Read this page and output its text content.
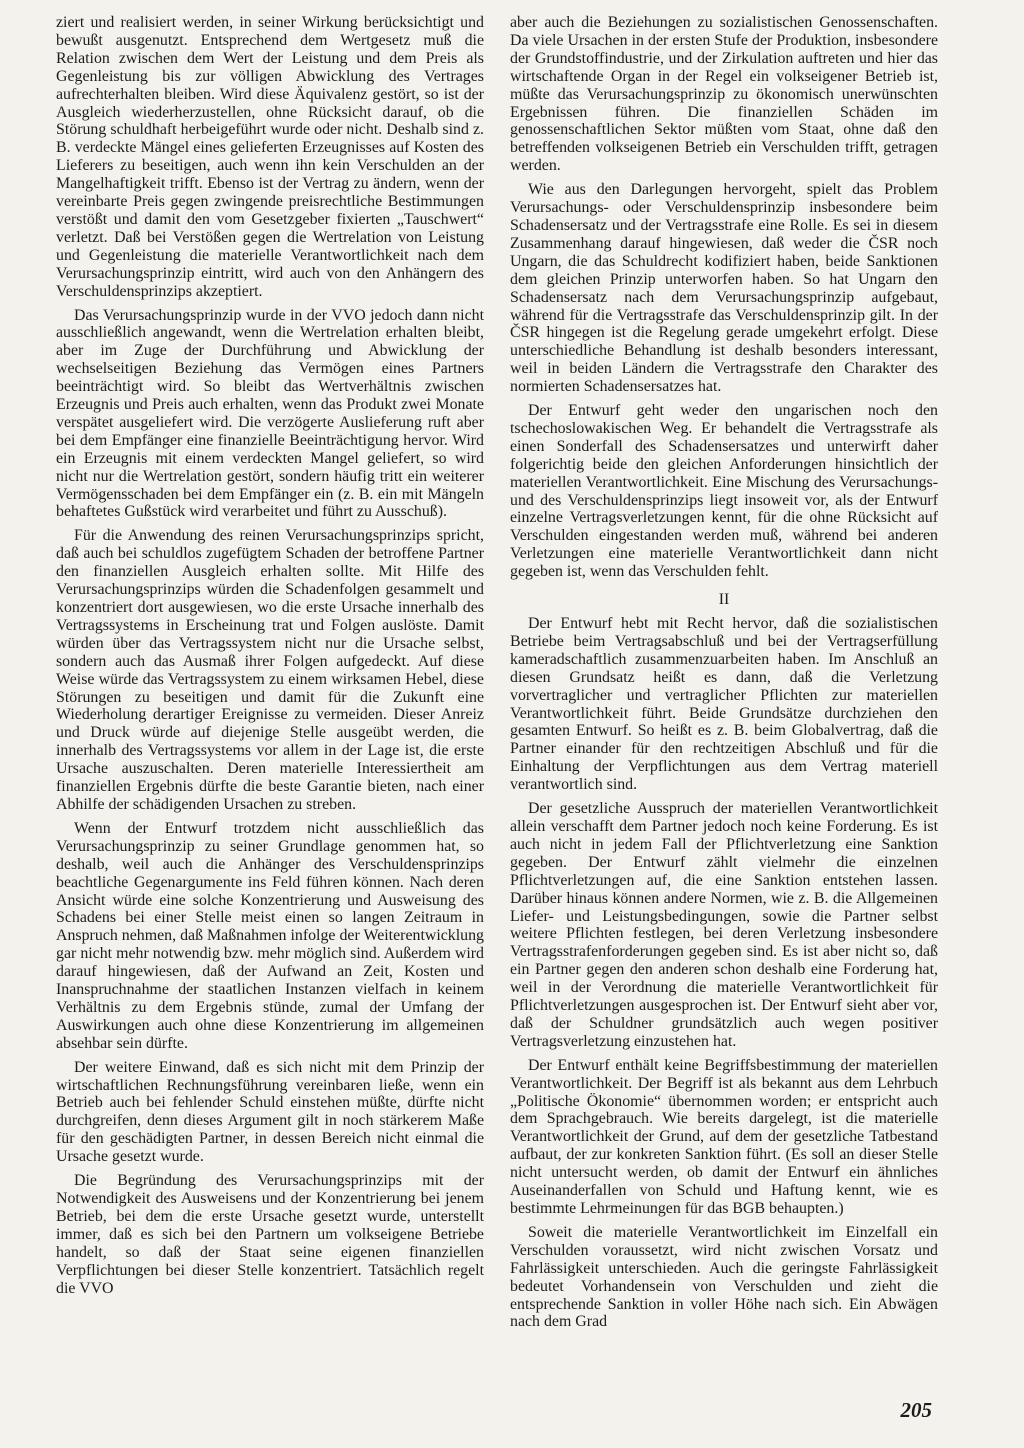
ziert und realisiert werden, in seiner Wirkung berücksichtigt und bewußt ausgenutzt. Entsprechend dem Wertgesetz muß die Relation zwischen dem Wert der Leistung und dem Preis als Gegenleistung bis zur völligen Abwicklung des Vertrages aufrechterhalten bleiben. Wird diese Äquivalenz gestört, so ist der Ausgleich wiederherzustellen, ohne Rücksicht darauf, ob die Störung schuldhaft herbeigeführt wurde oder nicht. Deshalb sind z. B. verdeckte Mängel eines gelieferten Erzeugnisses auf Kosten des Lieferers zu beseitigen, auch wenn ihn kein Verschulden an der Mangelhaftigkeit trifft. Ebenso ist der Vertrag zu ändern, wenn der vereinbarte Preis gegen zwingende preisrechtliche Bestimmungen verstößt und damit den vom Gesetzgeber fixierten „Tauschwert“ verletzt. Daß bei Verstößen gegen die Wertrelation von Leistung und Gegenleistung die materielle Verantwortlichkeit nach dem Verursachungsprinzip eintritt, wird auch von den Anhängern des Verschuldensprinzips akzeptiert.

Das Verursachungsprinzip wurde in der VVO jedoch dann nicht ausschließlich angewandt, wenn die Wertrelation erhalten bleibt, aber im Zuge der Durchführung und Abwicklung der wechselseitigen Beziehung das Vermögen eines Partners beeinträchtigt wird. So bleibt das Wertverhältnis zwischen Erzeugnis und Preis auch erhalten, wenn das Produkt zwei Monate verspätet ausgeliefert wird. Die verzögerte Auslieferung ruft aber bei dem Empfänger eine finanzielle Beeinträchtigung hervor. Wird ein Erzeugnis mit einem verdeckten Mangel geliefert, so wird nicht nur die Wertrelation gestört, sondern häufig tritt ein weiterer Vermögensschaden bei dem Empfänger ein (z. B. ein mit Mängeln behaftetes Gußstück wird verarbeitet und führt zu Ausschuß).

Für die Anwendung des reinen Verursachungsprinzips spricht, daß auch bei schuldlos zugefügtem Schaden der betroffene Partner den finanziellen Ausgleich erhalten sollte. Mit Hilfe des Verursachungsprinzips würden die Schadenfolgen gesammelt und konzentriert dort ausgewiesen, wo die erste Ursache innerhalb des Vertragssystems in Erscheinung trat und Folgen auslöste. Damit würden über das Vertragssystem nicht nur die Ursache selbst, sondern auch das Ausmaß ihrer Folgen aufgedeckt. Auf diese Weise würde das Vertragssystem zu einem wirksamen Hebel, diese Störungen zu beseitigen und damit für die Zukunft eine Wiederholung derartiger Ereignisse zu vermeiden. Dieser Anreiz und Druck würde auf diejenige Stelle ausgeübt werden, die innerhalb des Vertragssystems vor allem in der Lage ist, die erste Ursache auszuschalten. Deren materielle Interessiertheit am finanziellen Ergebnis dürfte die beste Garantie bieten, nach einer Abhilfe der schädigenden Ursachen zu streben.

Wenn der Entwurf trotzdem nicht ausschließlich das Verursachungsprinzip zu seiner Grundlage genommen hat, so deshalb, weil auch die Anhänger des Verschuldensprinzips beachtliche Gegenargumente ins Feld führen können. Nach deren Ansicht würde eine solche Konzentrierung und Ausweisung des Schadens bei einer Stelle meist einen so langen Zeitraum in Anspruch nehmen, daß Maßnahmen infolge der Weiterentwicklung gar nicht mehr notwendig bzw. mehr möglich sind. Außerdem wird darauf hingewiesen, daß der Aufwand an Zeit, Kosten und Inanspruchnahme der staatlichen Instanzen vielfach in keinem Verhältnis zu dem Ergebnis stünde, zumal der Umfang der Auswirkungen auch ohne diese Konzentrierung im allgemeinen absehbar sein dürfte.

Der weitere Einwand, daß es sich nicht mit dem Prinzip der wirtschaftlichen Rechnungsführung vereinbaren ließe, wenn ein Betrieb auch bei fehlender Schuld einstehen müßte, dürfte nicht durchgreifen, denn dieses Argument gilt in noch stärkerem Maße für den geschädigten Partner, in dessen Bereich nicht einmal die Ursache gesetzt wurde.

Die Begründung des Verursachungsprinzips mit der Notwendigkeit des Ausweisens und der Konzentrierung bei jenem Betrieb, bei dem die erste Ursache gesetzt wurde, unterstellt immer, daß es sich bei den Partnern um volkseigene Betriebe handelt, so daß der Staat seine eigenen finanziellen Verpflichtungen bei dieser Stelle konzentriert. Tatsächlich regelt die VVO

aber auch die Beziehungen zu sozialistischen Genossenschaften. Da viele Ursachen in der ersten Stufe der Produktion, insbesondere der Grundstoffindustrie, und der Zirkulation auftreten und hier das wirtschaftende Organ in der Regel ein volkseigener Betrieb ist, müßte das Verursachungsprinzip zu ökonomisch unerwünschten Ergebnissen führen. Die finanziellen Schäden im genossenschaftlichen Sektor müßten vom Staat, ohne daß den betreffenden volkseigenen Betrieb ein Verschulden trifft, getragen werden.

Wie aus den Darlegungen hervorgeht, spielt das Problem Verursachungs- oder Verschuldensprinzip insbesondere beim Schadensersatz und der Vertragsstrafe eine Rolle. Es sei in diesem Zusammenhang darauf hingewiesen, daß weder die ČSR noch Ungarn, die das Schuldrecht kodifiziert haben, beide Sanktionen dem gleichen Prinzip unterworfen haben. So hat Ungarn den Schadensersatz nach dem Verursachungsprinzip aufgebaut, während für die Vertragsstrafe das Verschuldensprinzip gilt. In der ČSR hingegen ist die Regelung gerade umgekehrt erfolgt. Diese unterschiedliche Behandlung ist deshalb besonders interessant, weil in beiden Ländern die Vertragsstrafe den Charakter des normierten Schadensersatzes hat.

Der Entwurf geht weder den ungarischen noch den tschechoslowakischen Weg. Er behandelt die Vertragsstrafe als einen Sonderfall des Schadensersatzes und unterwirft daher folgerichtig beide den gleichen Anforderungen hinsichtlich der materiellen Verantwortlichkeit. Eine Mischung des Verursachungs- und des Verschuldensprinzips liegt insoweit vor, als der Entwurf einzelne Vertragsverletzungen kennt, für die ohne Rücksicht auf Verschulden eingestanden werden muß, während bei anderen Verletzungen eine materielle Verantwortlichkeit dann nicht gegeben ist, wenn das Verschulden fehlt.

II

Der Entwurf hebt mit Recht hervor, daß die sozialistischen Betriebe beim Vertragsabschluß und bei der Vertragserfüllung kameradschaftlich zusammenzuarbeiten haben. Im Anschluß an diesen Grundsatz heißt es dann, daß die Verletzung vorvertraglicher und vertraglicher Pflichten zur materiellen Verantwortlichkeit führt. Beide Grundsätze durchziehen den gesamten Entwurf. So heißt es z. B. beim Globalvertrag, daß die Partner einander für den rechtzeitigen Abschluß und für die Einhaltung der Verpflichtungen aus dem Vertrag materiell verantwortlich sind.

Der gesetzliche Ausspruch der materiellen Verantwortlichkeit allein verschafft dem Partner jedoch noch keine Forderung. Es ist auch nicht in jedem Fall der Pflichtverletzung eine Sanktion gegeben. Der Entwurf zählt vielmehr die einzelnen Pflichtverletzungen auf, die eine Sanktion entstehen lassen. Darüber hinaus können andere Normen, wie z. B. die Allgemeinen Liefer- und Leistungsbedingungen, sowie die Partner selbst weitere Pflichten festlegen, bei deren Verletzung insbesondere Vertragsstrafenforderungen gegeben sind. Es ist aber nicht so, daß ein Partner gegen den anderen schon deshalb eine Forderung hat, weil in der Verordnung die materielle Verantwortlichkeit für Pflichtverletzungen ausgesprochen ist. Der Entwurf sieht aber vor, daß der Schuldner grundsätzlich auch wegen positiver Vertragsverletzung einzustehen hat.

Der Entwurf enthält keine Begriffsbestimmung der materiellen Verantwortlichkeit. Der Begriff ist als bekannt aus dem Lehrbuch „Politische Ökonomie“ übernommen worden; er entspricht auch dem Sprachgebrauch. Wie bereits dargelegt, ist die materielle Verantwortlichkeit der Grund, auf dem der gesetzliche Tatbestand aufbaut, der zur konkreten Sanktion führt. (Es soll an dieser Stelle nicht untersucht werden, ob damit der Entwurf ein ähnliches Auseinanderfallen von Schuld und Haftung kennt, wie es bestimmte Lehrmeinungen für das BGB behaupten.)

Soweit die materielle Verantwortlichkeit im Einzelfall ein Verschulden voraussetzt, wird nicht zwischen Vorsatz und Fahrlässigkeit unterschieden. Auch die geringste Fahrlässigkeit bedeutet Vorhandensein von Verschulden und zieht die entsprechende Sanktion in voller Höhe nach sich. Ein Abwägen nach dem Grad

205
